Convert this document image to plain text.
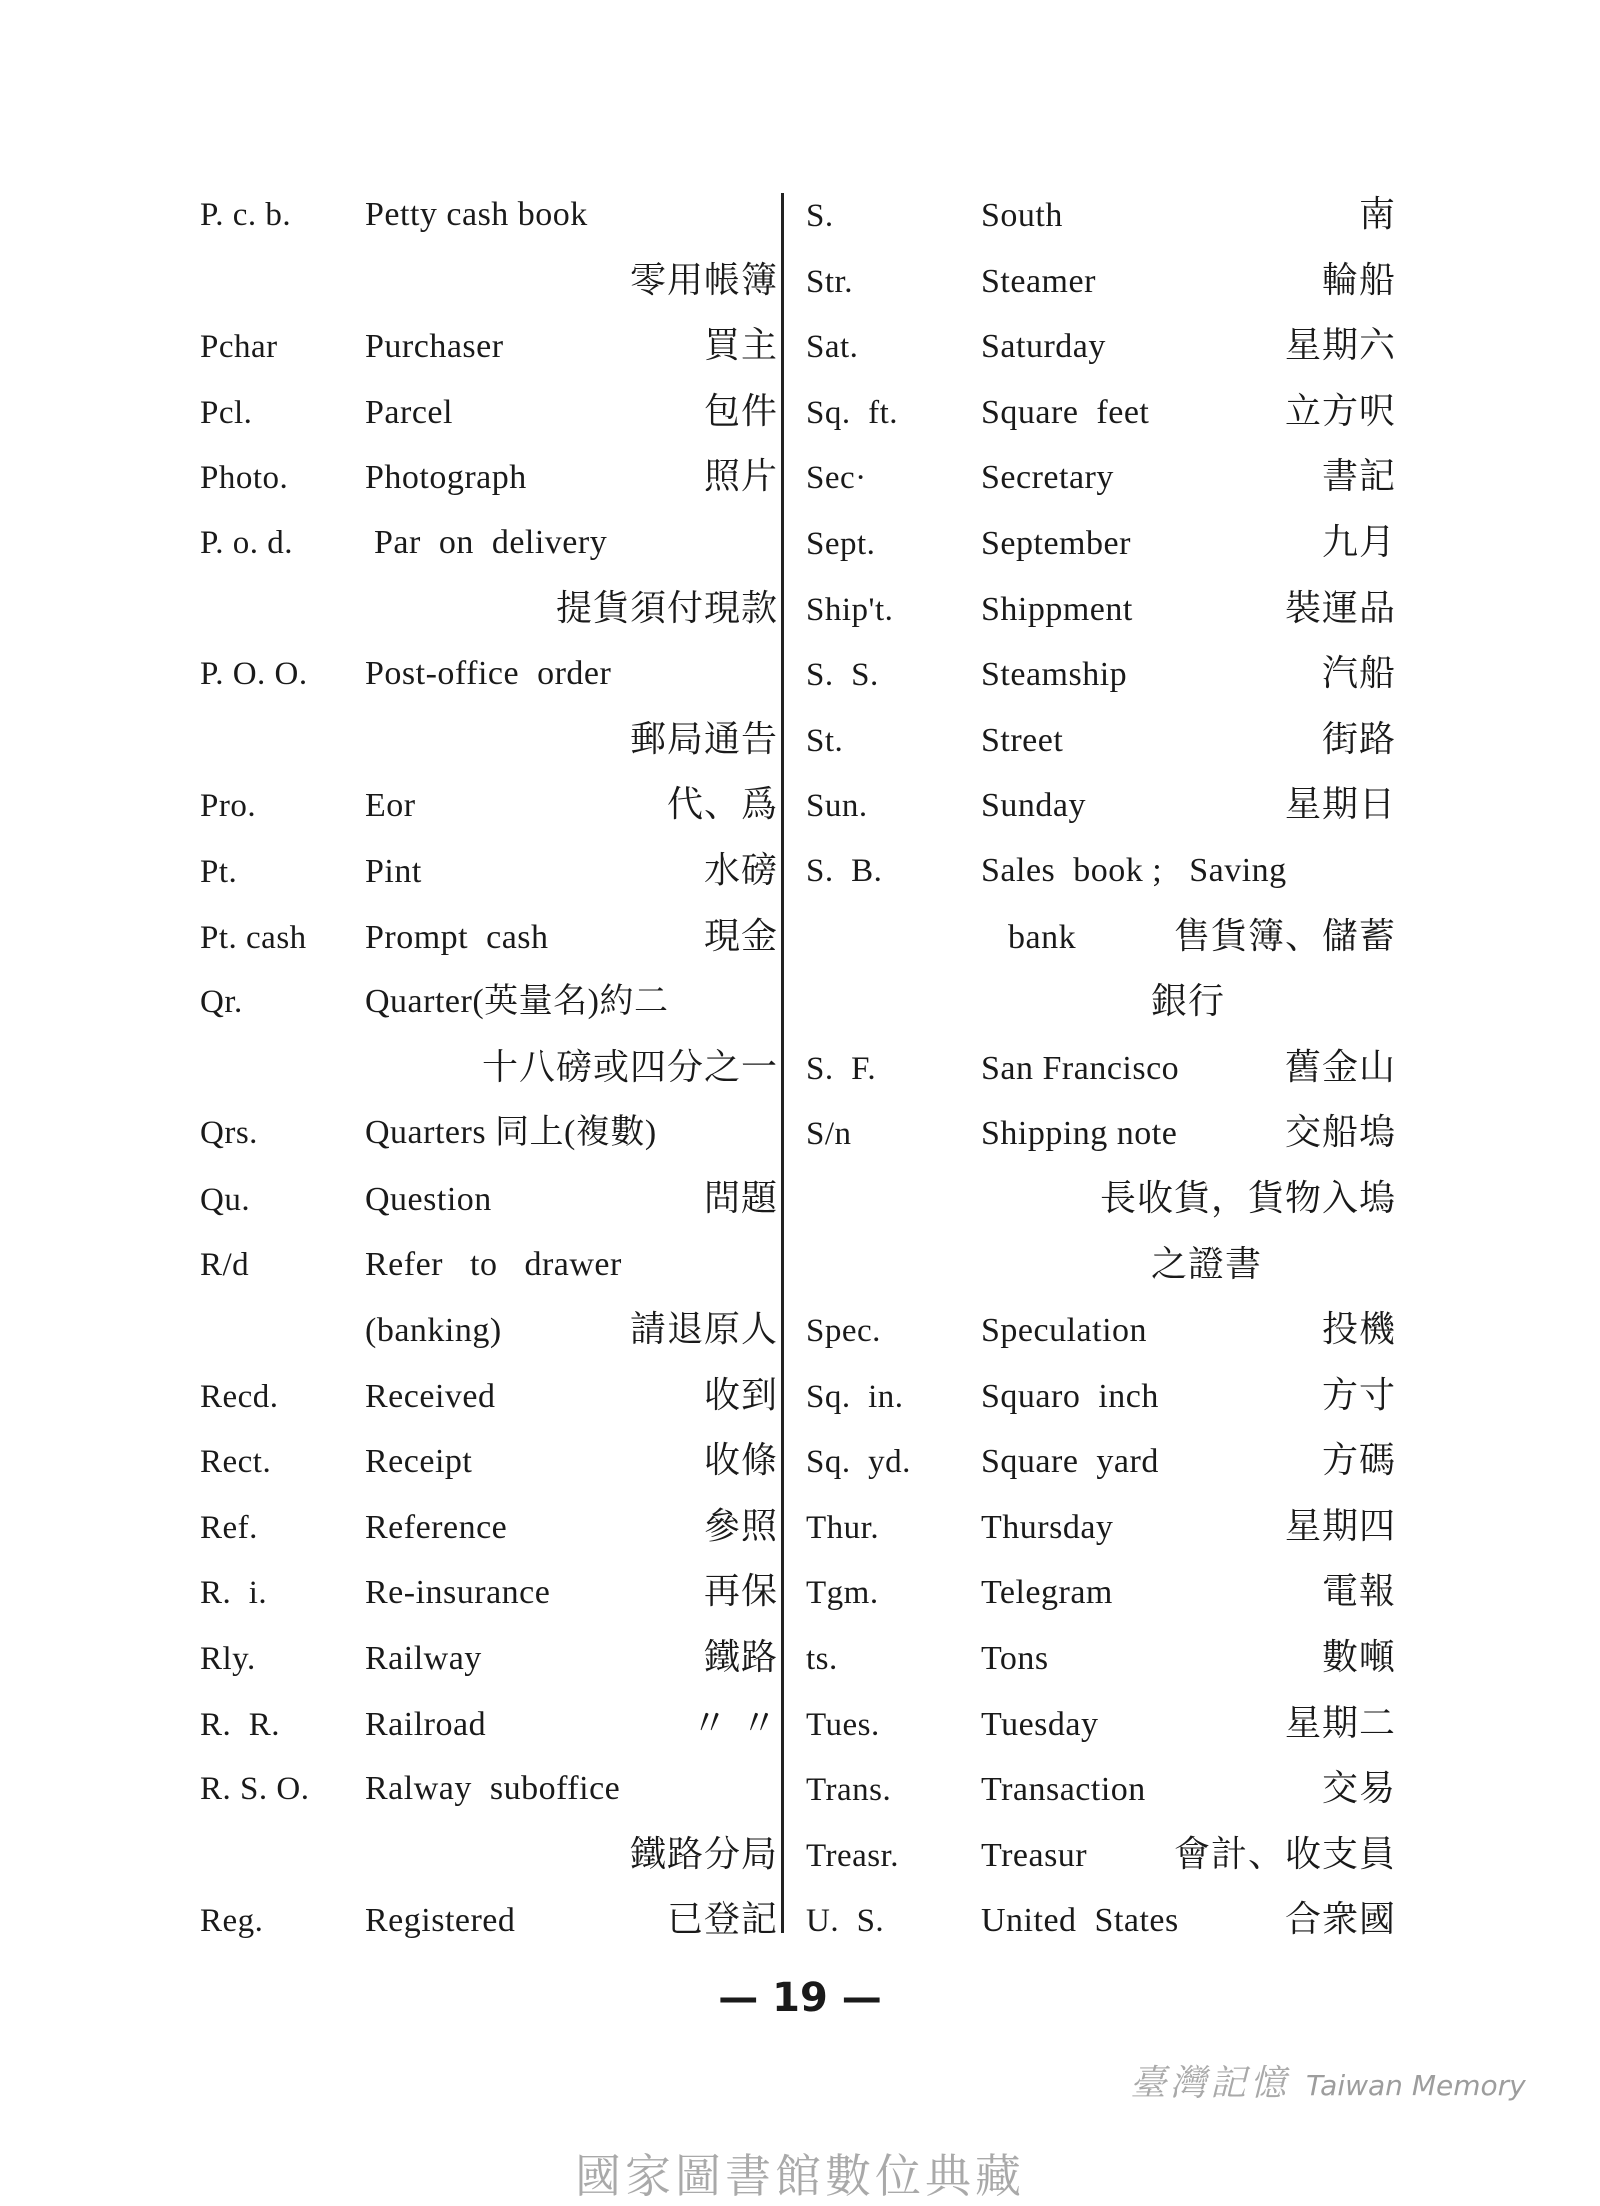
P. c. b.	Petty cash book
零用帳簿
Pchar	Purchaser	買主
Pcl.	Parcel	包件
Photo.	Photograph	照片
P. o. d.	Par  on  delivery
提貨須付現款
P. O. O.	Post-office  order
郵局通告
Pro.	Eor	代、爲
Pt.	Pint	水磅
Pt. cash	Prompt  cash	現金
Qr.	Quarter(英量名)約二
十八磅或四分之一
Qrs.	Quarters 同上(複數)
Qu.	Question	問題
R/d	Refer   to   drawer
(banking)	請退原人
Recd.	Received	收到
Rect.	Receipt	收條
Ref.	Reference	參照
R.  i.	Re-insurance	再保
Rly.	Railway	鐵路
R.  R.	Railroad	〃 〃
R. S. O.	Ralway  suboffice
鐵路分局
Reg.	Registered	已登記
S.	South	南
Str.	Steamer	輪船
Sat.	Saturday	星期六
Sq.  ft.	Square  feet	立方呎
Sec·	Secretary	書記
Sept.	September	九月
Ship't.	Shippment	裝運品
S.  S.	Steamship	汽船
St.	Street	街路
Sun.	Sunday	星期日
S.  B.	Sales  book ;   Saving
bank	售貨簿、儲蓄
銀行
S.  F.	San Francisco	舊金山
S/n	Shipping note	交船塢
長收貨，貨物入塢
之證書
Spec.	Speculation	投機
Sq.  in.	Squaro  inch	方寸
Sq.  yd.	Square  yard	方碼
Thur.	Thursday	星期四
Tgm.	Telegram	電報
ts.	Tons	數噸
Tues.	Tuesday	星期二
Trans.	Transaction	交易
Treasr.	Treasur	會計、收支員
U.  S.	United  States	合衆國
臺灣記憶 Taiwan Memory
— 19 —
國家圖書館數位典藏
